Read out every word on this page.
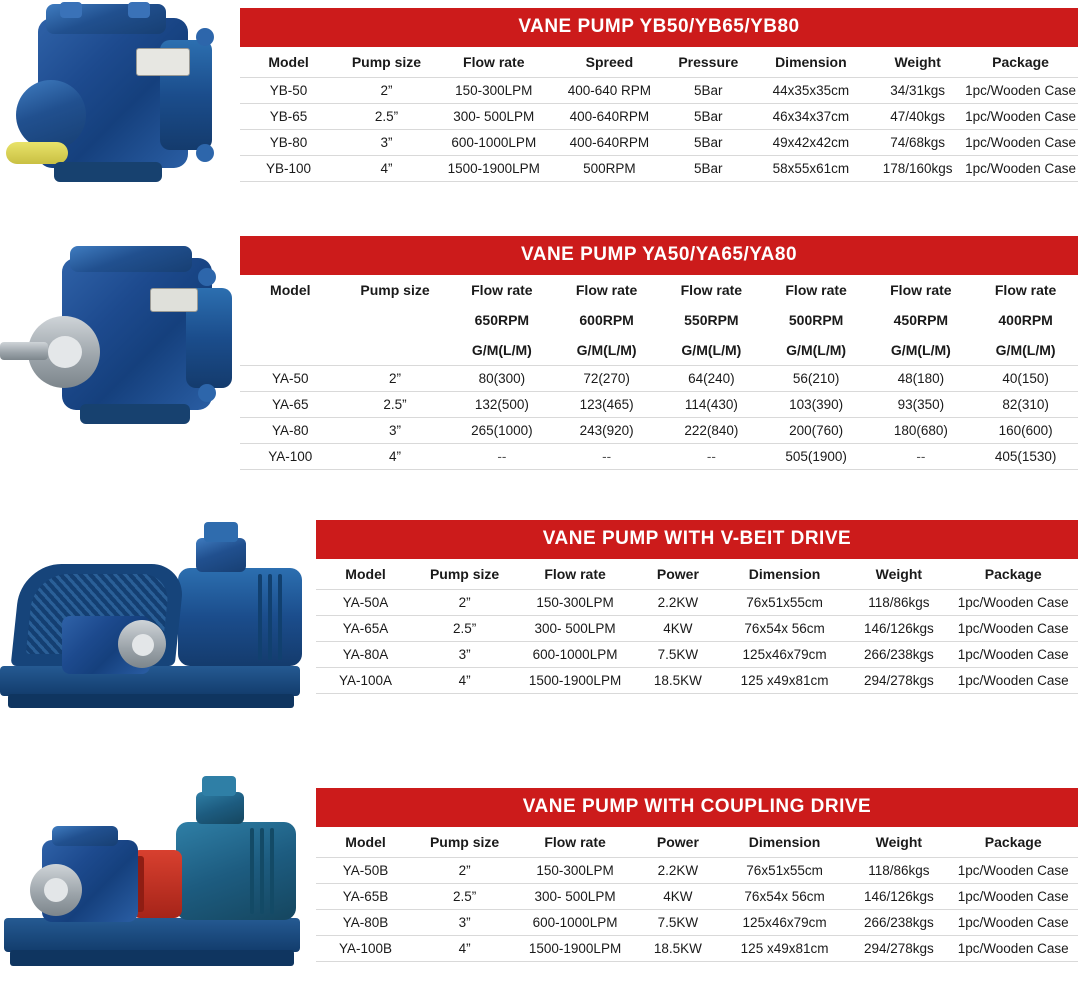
VANE PUMP YB50/YB65/YB80
Model	Pump size	Flow rate	Spreed	Pressure	Dimension	Weight	Package
YB-50	2”	150-300LPM	400-640 RPM	5Bar	44x35x35cm	34/31kgs	1pc/Wooden Case
YB-65	2.5”	300- 500LPM	400-640RPM	5Bar	46x34x37cm	47/40kgs	1pc/Wooden Case
YB-80	3”	600-1000LPM	400-640RPM	5Bar	49x42x42cm	74/68kgs	1pc/Wooden Case
YB-100	4”	1500-1900LPM	500RPM	5Bar	58x55x61cm	178/160kgs	1pc/Wooden Case
VANE PUMP YA50/YA65/YA80
Model	Pump size	Flow rate	Flow rate	Flow rate	Flow rate	Flow rate	Flow rate
		650RPM	600RPM	550RPM	500RPM	450RPM	400RPM
		G/M(L/M)	G/M(L/M)	G/M(L/M)	G/M(L/M)	G/M(L/M)	G/M(L/M)
YA-50	2”	80(300)	72(270)	64(240)	56(210)	48(180)	40(150)
YA-65	2.5”	132(500)	123(465)	114(430)	103(390)	93(350)	82(310)
YA-80	3”	265(1000)	243(920)	222(840)	200(760)	180(680)	160(600)
YA-100	4”	--	--	--	505(1900)	--	405(1530)
VANE PUMP WITH V-BEIT DRIVE
Model	Pump size	Flow rate	Power	Dimension	Weight	Package
YA-50A	2”	150-300LPM	2.2KW	76x51x55cm	118/86kgs	1pc/Wooden Case
YA-65A	2.5”	300- 500LPM	4KW	76x54x 56cm	146/126kgs	1pc/Wooden Case
YA-80A	3”	600-1000LPM	7.5KW	125x46x79cm	266/238kgs	1pc/Wooden Case
YA-100A	4”	1500-1900LPM	18.5KW	125 x49x81cm	294/278kgs	1pc/Wooden Case
VANE PUMP WITH COUPLING DRIVE
Model	Pump size	Flow rate	Power	Dimension	Weight	Package
YA-50B	2”	150-300LPM	2.2KW	76x51x55cm	118/86kgs	1pc/Wooden Case
YA-65B	2.5”	300- 500LPM	4KW	76x54x 56cm	146/126kgs	1pc/Wooden Case
YA-80B	3”	600-1000LPM	7.5KW	125x46x79cm	266/238kgs	1pc/Wooden Case
YA-100B	4”	1500-1900LPM	18.5KW	125 x49x81cm	294/278kgs	1pc/Wooden Case
